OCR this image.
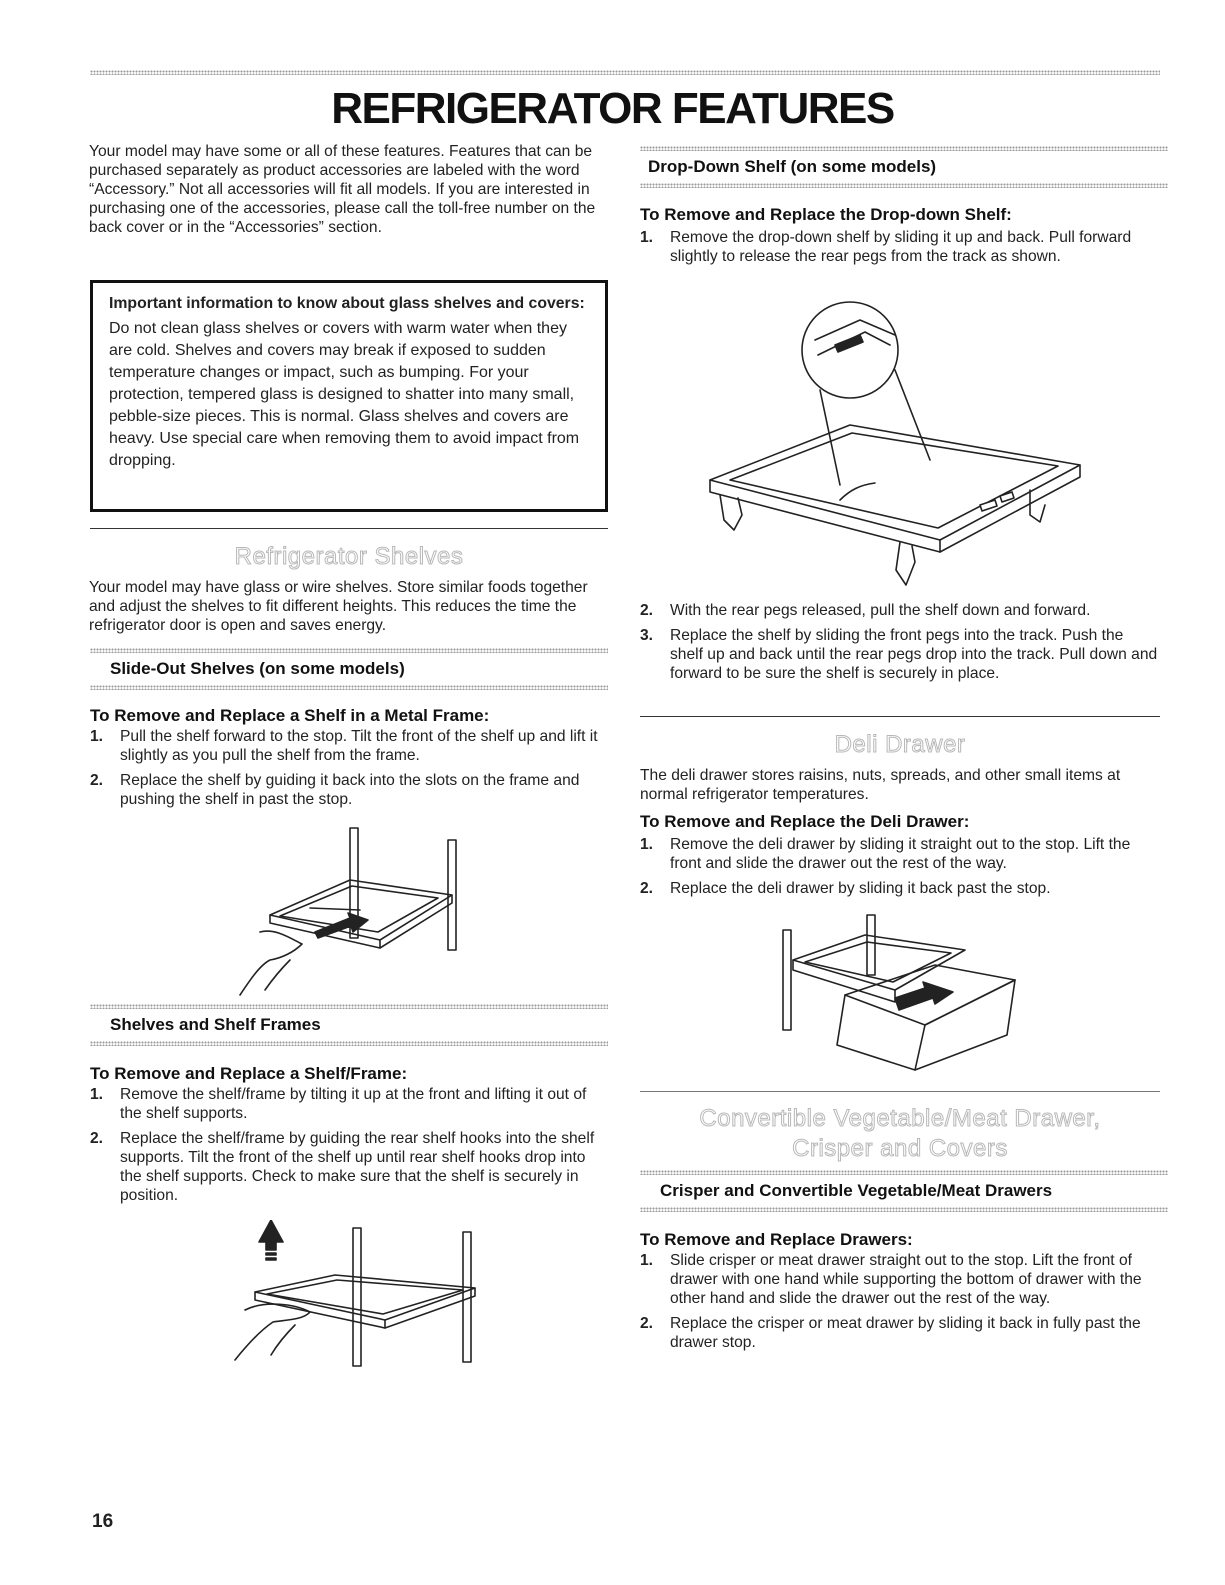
REFRIGERATOR FEATURES

Your model may have some or all of these features. Features that can be purchased separately as product accessories are labeled with the word “Accessory.” Not all accessories will fit all models. If you are interested in purchasing one of the accessories, please call the toll-free number on the back cover or in the “Accessories” section.

Important information to know about glass shelves and covers:

Do not clean glass shelves or covers with warm water when they are cold. Shelves and covers may break if exposed to sudden temperature changes or impact, such as bumping. For your protection, tempered glass is designed to shatter into many small, pebble-size pieces. This is normal. Glass shelves and covers are heavy. Use special care when removing them to avoid impact from dropping.

Refrigerator Shelves

Your model may have glass or wire shelves. Store similar foods together and adjust the shelves to fit different heights. This reduces the time the refrigerator door is open and saves energy.

Slide-Out Shelves (on some models)
To Remove and Replace a Shelf in a Metal Frame:
1. Pull the shelf forward to the stop. Tilt the front of the shelf up and lift it slightly as you pull the shelf from the frame.
2. Replace the shelf by guiding it back into the slots on the frame and pushing the shelf in past the stop.
Shelves and Shelf Frames
To Remove and Replace a Shelf/Frame:
1. Remove the shelf/frame by tilting it up at the front and lifting it out of the shelf supports.
2. Replace the shelf/frame by guiding the rear shelf hooks into the shelf supports. Tilt the front of the shelf up until rear shelf hooks drop into the shelf supports. Check to make sure that the shelf is securely in position.
Drop-Down Shelf (on some models)
To Remove and Replace the Drop-down Shelf:
1. Remove the drop-down shelf by sliding it up and back. Pull forward slightly to release the rear pegs from the track as shown.
2. With the rear pegs released, pull the shelf down and forward.
3. Replace the shelf by sliding the front pegs into the track. Push the shelf up and back until the rear pegs drop into the track. Pull down and forward to be sure the shelf is securely in place.
Deli Drawer

The deli drawer stores raisins, nuts, spreads, and other small items at normal refrigerator temperatures.

To Remove and Replace the Deli Drawer:
1. Remove the deli drawer by sliding it straight out to the stop. Lift the front and slide the drawer out the rest of the way.
2. Replace the deli drawer by sliding it back past the stop.
Convertible Vegetable/Meat Drawer,
Crisper and Covers
Crisper and Convertible Vegetable/Meat Drawers
To Remove and Replace Drawers:
1. Slide crisper or meat drawer straight out to the stop. Lift the front of drawer with one hand while supporting the bottom of drawer with the other hand and slide the drawer out the rest of the way.
2. Replace the crisper or meat drawer by sliding it back in fully past the drawer stop.

16
